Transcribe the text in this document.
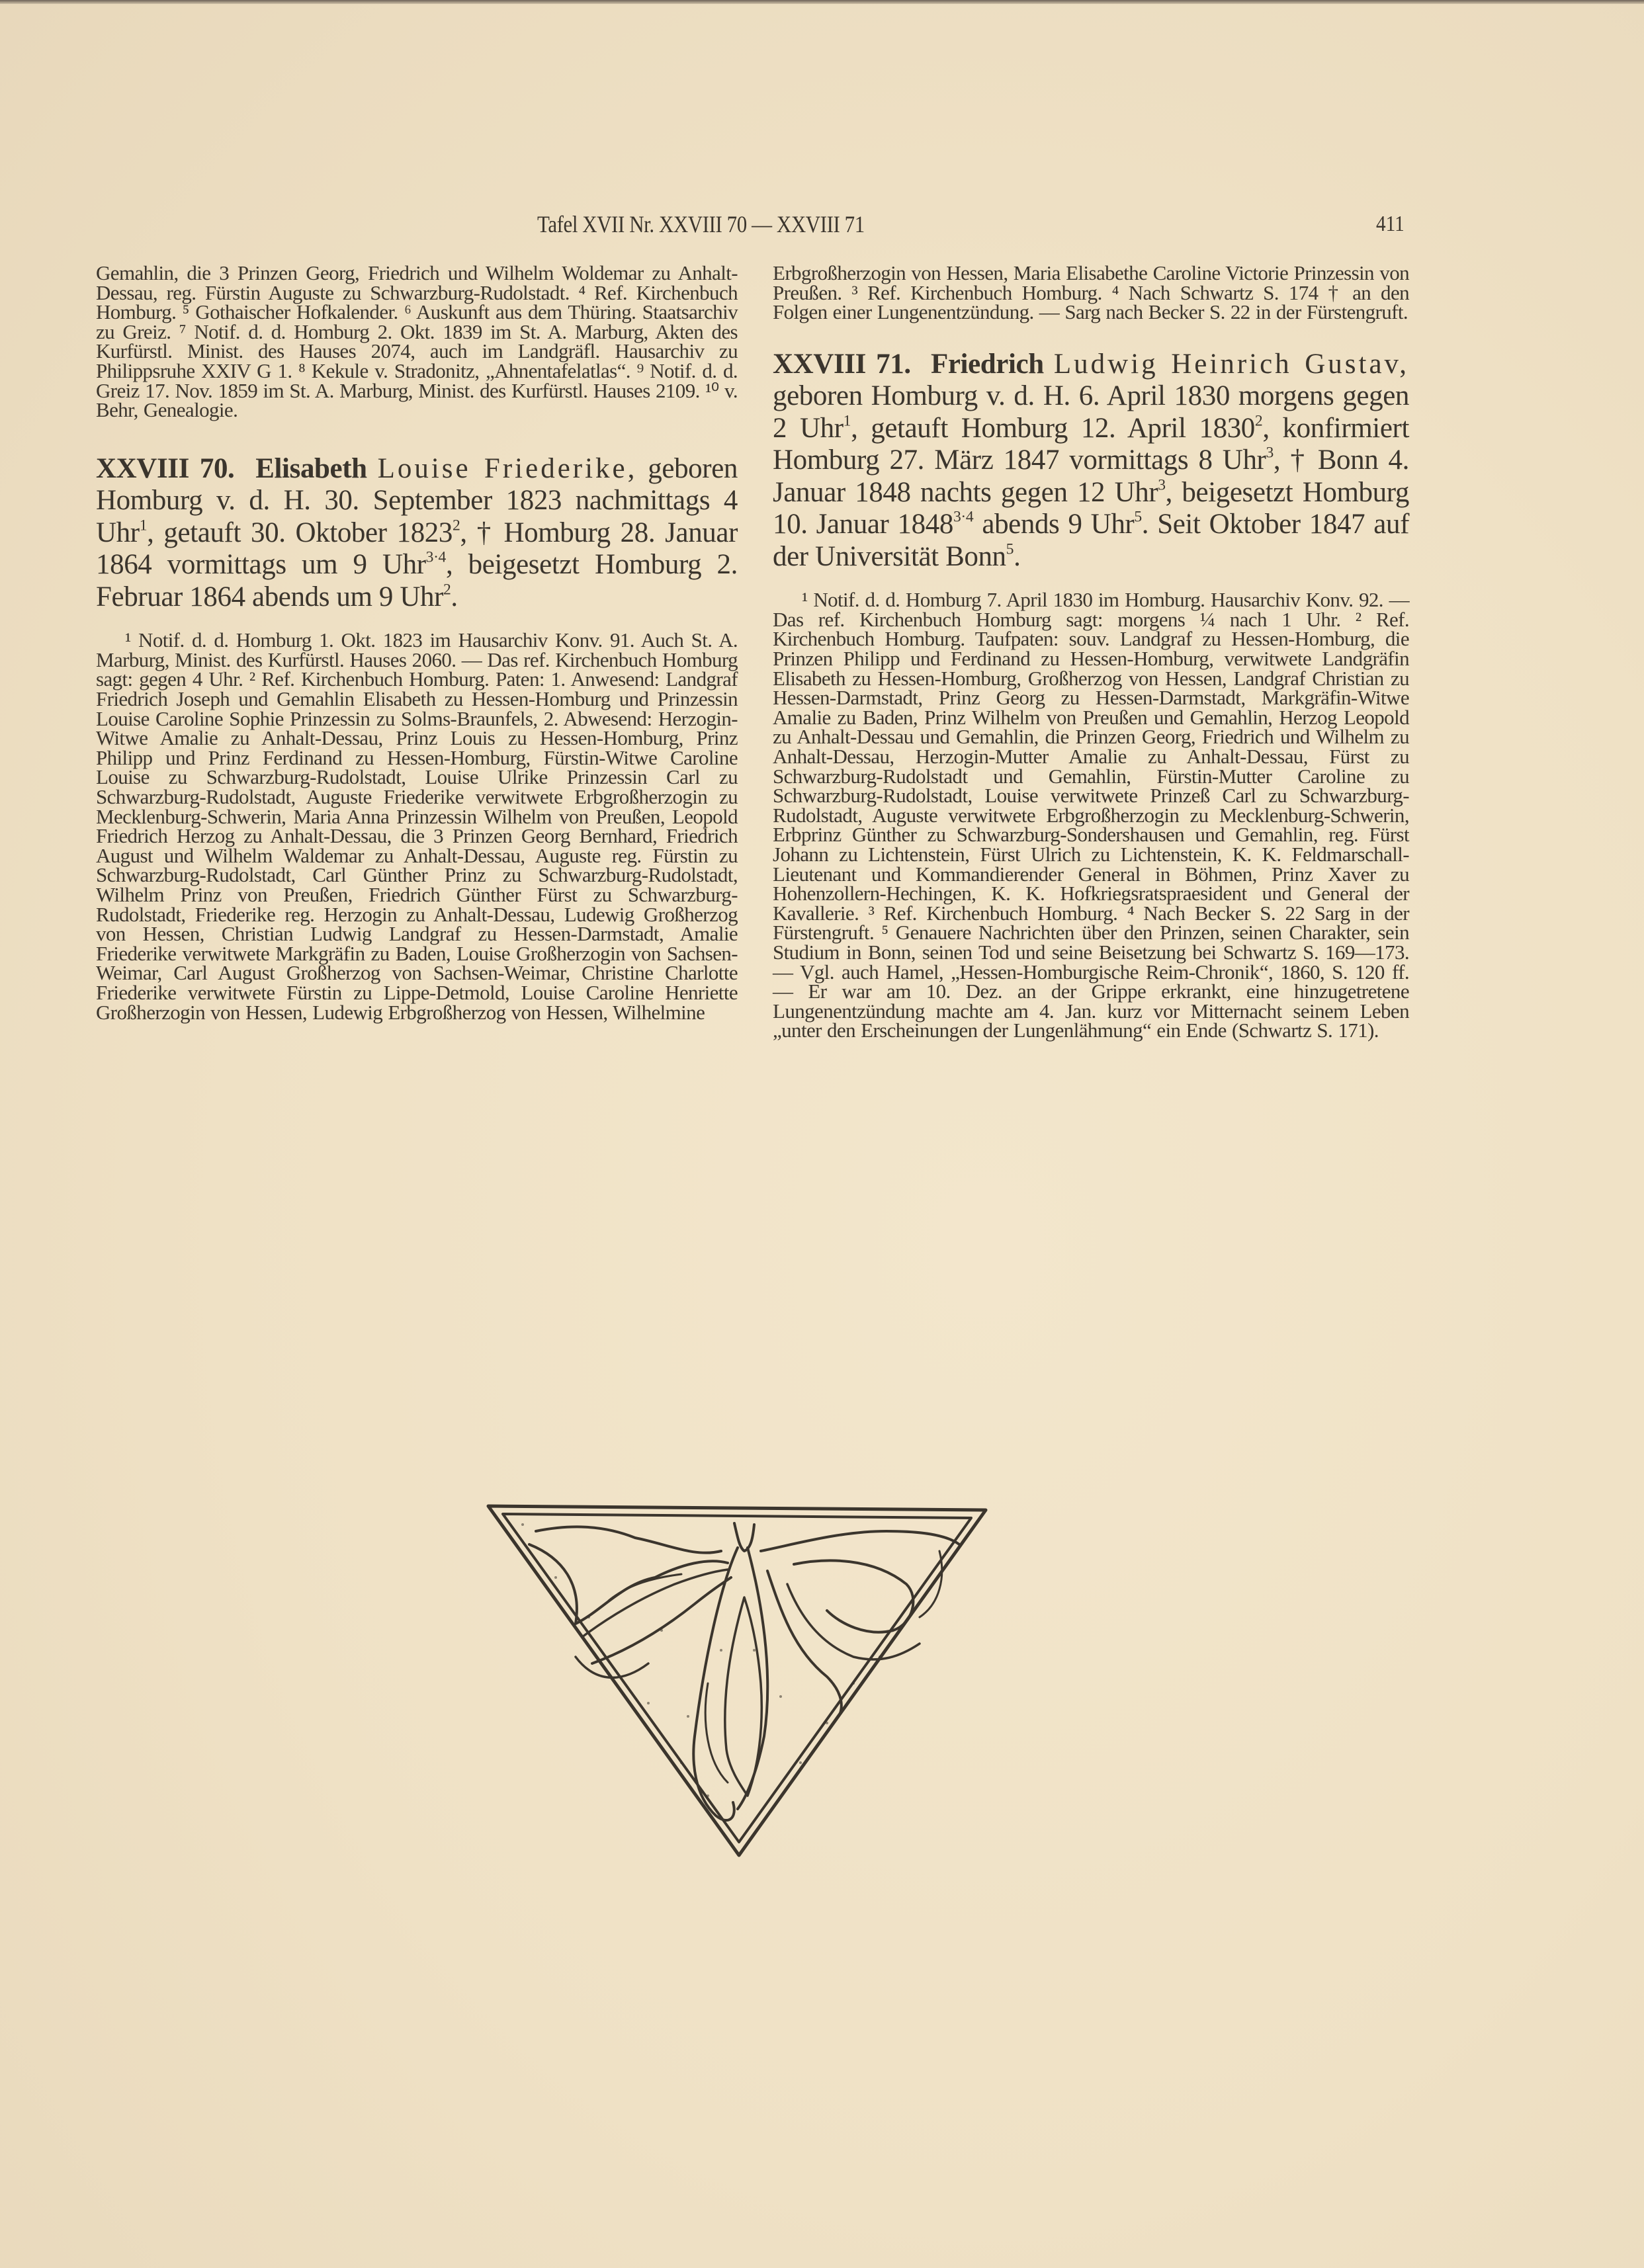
Tafel XVII Nr. XXVIII 70 — XXVIII 71	411

Gemahlin, die 3 Prinzen Georg, Friedrich und Wilhelm Woldemar zu Anhalt-Dessau, reg. Fürstin Auguste zu Schwarzburg-Rudolstadt. ⁴ Ref. Kirchenbuch Homburg. ⁵ Gothaischer Hofkalender. ⁶ Auskunft aus dem Thüring. Staatsarchiv zu Greiz. ⁷ Notif. d. d. Homburg 2. Okt. 1839 im St. A. Marburg, Akten des Kurfürstl. Minist. des Hauses 2074, auch im Landgräfl. Hausarchiv zu Philippsruhe XXIV G 1. ⁸ Kekule v. Stradonitz, „Ahnentafelatlas“. ⁹ Notif. d. d. Greiz 17. Nov. 1859 im St. A. Marburg, Minist. des Kurfürstl. Hauses 2109. ¹⁰ v. Behr, Genealogie.

XXVIII 70. Elisabeth Louise Friederike, geboren Homburg v. d. H. 30. September 1823 nachmittags 4 Uhr$^1$, getauft 30. Oktober 1823$^2$, † Homburg 28. Januar 1864 vormittags um 9 Uhr$^{3\cdot 4}$, beigesetzt Homburg 2. Februar 1864 abends um 9 Uhr$^2$.

¹ Notif. d. d. Homburg 1. Okt. 1823 im Hausarchiv Konv. 91. Auch St. A. Marburg, Minist. des Kurfürstl. Hauses 2060. — Das ref. Kirchenbuch Homburg sagt: gegen 4 Uhr. ² Ref. Kirchenbuch Homburg. Paten: 1. Anwesend: Landgraf Friedrich Joseph und Gemahlin Elisabeth zu Hessen-Homburg und Prinzessin Louise Caroline Sophie Prinzessin zu Solms-Braunfels, 2. Abwesend: Herzogin-Witwe Amalie zu Anhalt-Dessau, Prinz Louis zu Hessen-Homburg, Prinz Philipp und Prinz Ferdinand zu Hessen-Homburg, Fürstin-Witwe Caroline Louise zu Schwarzburg-Rudolstadt, Louise Ulrike Prinzessin Carl zu Schwarzburg-Rudolstadt, Auguste Friederike verwitwete Erbgroßherzogin zu Mecklenburg-Schwerin, Maria Anna Prinzessin Wilhelm von Preußen, Leopold Friedrich Herzog zu Anhalt-Dessau, die 3 Prinzen Georg Bernhard, Friedrich August und Wilhelm Waldemar zu Anhalt-Dessau, Auguste reg. Fürstin zu Schwarzburg-Rudolstadt, Carl Günther Prinz zu Schwarzburg-Rudolstadt, Wilhelm Prinz von Preußen, Friedrich Günther Fürst zu Schwarzburg-Rudolstadt, Friederike reg. Herzogin zu Anhalt-Dessau, Ludewig Großherzog von Hessen, Christian Ludwig Landgraf zu Hessen-Darmstadt, Amalie Friederike verwitwete Markgräfin zu Baden, Louise Großherzogin von Sachsen-Weimar, Carl August Großherzog von Sachsen-Weimar, Christine Charlotte Friederike verwitwete Fürstin zu Lippe-Detmold, Louise Caroline Henriette Großherzogin von Hessen, Ludewig Erbgroßherzog von Hessen, Wilhelmine

Erbgroßherzogin von Hessen, Maria Elisabethe Caroline Victorie Prinzessin von Preußen. ³ Ref. Kirchenbuch Homburg. ⁴ Nach Schwartz S. 174 † an den Folgen einer Lungenentzündung. — Sarg nach Becker S. 22 in der Fürstengruft.

XXVIII 71. Friedrich Ludwig Heinrich Gustav, geboren Homburg v. d. H. 6. April 1830 morgens gegen 2 Uhr$^1$, getauft Homburg 12. April 1830$^2$, konfirmiert Homburg 27. März 1847 vormittags 8 Uhr$^3$, † Bonn 4. Januar 1848 nachts gegen 12 Uhr$^3$, beigesetzt Homburg 10. Januar $1848^{3\cdot 4}$ abends 9 Uhr$^5$. Seit Oktober 1847 auf der Universität Bonn$^5$.

¹ Notif. d. d. Homburg 7. April 1830 im Homburg. Hausarchiv Konv. 92. — Das ref. Kirchenbuch Homburg sagt: morgens ¼ nach 1 Uhr. ² Ref. Kirchenbuch Homburg. Taufpaten: souv. Landgraf zu Hessen-Homburg, die Prinzen Philipp und Ferdinand zu Hessen-Homburg, verwitwete Landgräfin Elisabeth zu Hessen-Homburg, Großherzog von Hessen, Landgraf Christian zu Hessen-Darmstadt, Prinz Georg zu Hessen-Darmstadt, Markgräfin-Witwe Amalie zu Baden, Prinz Wilhelm von Preußen und Gemahlin, Herzog Leopold zu Anhalt-Dessau und Gemahlin, die Prinzen Georg, Friedrich und Wilhelm zu Anhalt-Dessau, Herzogin-Mutter Amalie zu Anhalt-Dessau, Fürst zu Schwarzburg-Rudolstadt und Gemahlin, Fürstin-Mutter Caroline zu Schwarzburg-Rudolstadt, Louise verwitwete Prinzeß Carl zu Schwarzburg-Rudolstadt, Auguste verwitwete Erbgroßherzogin zu Mecklenburg-Schwerin, Erbprinz Günther zu Schwarzburg-Sondershausen und Gemahlin, reg. Fürst Johann zu Lichtenstein, Fürst Ulrich zu Lichtenstein, K. K. Feldmarschall-Lieutenant und Kommandierender General in Böhmen, Prinz Xaver zu Hohenzollern-Hechingen, K. K. Hofkriegsratspraesident und General der Kavallerie. ³ Ref. Kirchenbuch Homburg. ⁴ Nach Becker S. 22 Sarg in der Fürstengruft. ⁵ Genauere Nachrichten über den Prinzen, seinen Charakter, sein Studium in Bonn, seinen Tod und seine Beisetzung bei Schwartz S. 169—173. — Vgl. auch Hamel, „Hessen-Homburgische Reim-Chronik“, 1860, S. 120 ff. — Er war am 10. Dez. an der Grippe erkrankt, eine hinzugetretene Lungenentzündung machte am 4. Jan. kurz vor Mitternacht seinem Leben „unter den Erscheinungen der Lungenlähmung“ ein Ende (Schwartz S. 171).
